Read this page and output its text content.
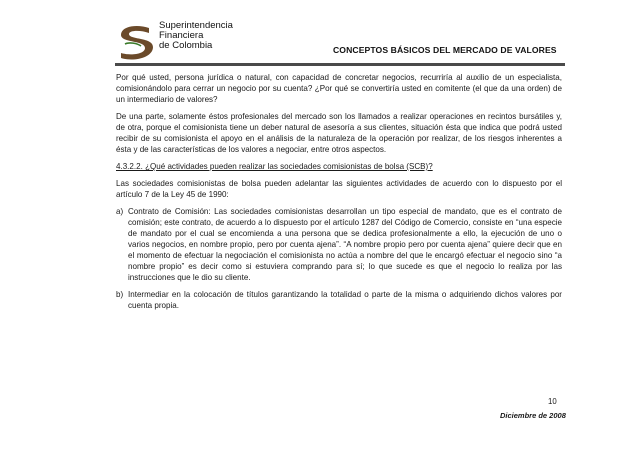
Superintendencia
Financiera
de Colombia	CONCEPTOS BÁSICOS DEL MERCADO DE VALORES

Por qué usted, persona jurídica o natural, con capacidad de concretar negocios, recurriría al auxilio de un especialista, comisionándolo para cerrar un negocio por su cuenta? ¿Por qué se convertiría usted en comitente (el que da una orden) de un intermediario de valores?

De una parte, solamente éstos profesionales del mercado son los llamados a realizar operaciones en recintos bursátiles y, de otra, porque el comisionista tiene un deber natural de asesoría a sus clientes, situación ésta que indica que podrá usted recibir de su comisionista el apoyo en el análisis de la naturaleza de la operación por realizar, de los riesgos inherentes a ésta y de las características de los valores a negociar, entre otros aspectos.

4.3.2.2. ¿Qué actividades pueden realizar las sociedades comisionistas de bolsa (SCB)?

Las sociedades comisionistas de bolsa pueden adelantar las siguientes actividades de acuerdo con lo dispuesto por el artículo 7 de la Ley 45 de 1990:

a) Contrato de Comisión: Las sociedades comisionistas desarrollan un tipo especial de mandato, que es el contrato de comisión; este contrato, de acuerdo a lo dispuesto por el artículo 1287 del Código de Comercio, consiste en “una especie de mandato por el cual se encomienda a una persona que se dedica profesionalmente a ello, la ejecución de uno o varios negocios, en nombre propio, pero por cuenta ajena”. “A nombre propio pero por cuenta ajena” quiere decir que en el momento de efectuar la negociación el comisionista no actúa a nombre del que le encargó efectuar el negocio sino “a nombre propio” es decir como si estuviera comprando para sí; lo que sucede es que el negocio lo realiza por las instrucciones que le dio su cliente.
b) Intermediar en la colocación de títulos garantizando la totalidad o parte de la misma o adquiriendo dichos valores por cuenta propia.
10
Diciembre de 2008
